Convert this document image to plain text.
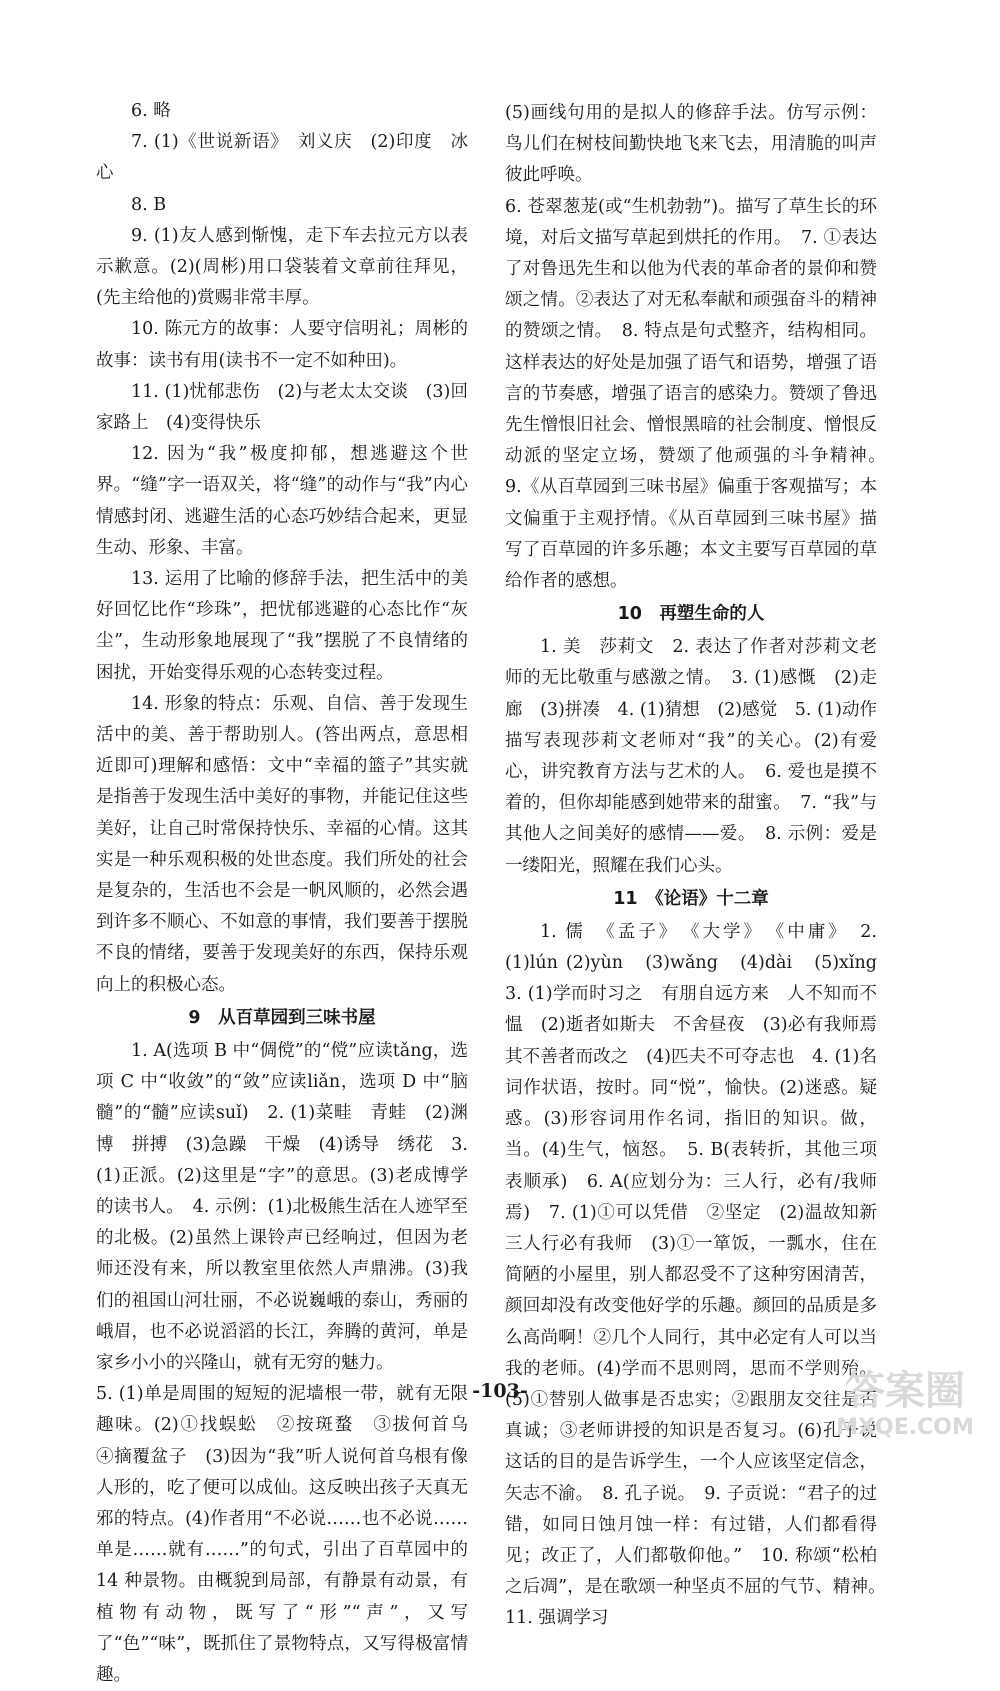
6. 略

7. (1)《世说新语》　刘义庆　(2)印度　冰心

8. B

9. (1)友人感到惭愧，走下车去拉元方以表示歉意。(2)(周彬)用口袋装着文章前往拜见，(先主给他的)赏赐非常丰厚。

10. 陈元方的故事：人要守信明礼；周彬的故事：读书有用(读书不一定不如种田)。

11. (1)忧郁悲伤　(2)与老太太交谈　(3)回家路上　(4)变得快乐

12. 因为“我”极度抑郁，想逃避这个世界。“缝”字一语双关，将“缝”的动作与“我”内心情感封闭、逃避生活的心态巧妙结合起来，更显生动、形象、丰富。

13. 运用了比喻的修辞手法，把生活中的美好回忆比作“珍珠”，把忧郁逃避的心态比作“灰尘”，生动形象地展现了“我”摆脱了不良情绪的困扰，开始变得乐观的心态转变过程。

14. 形象的特点：乐观、自信、善于发现生活中的美、善于帮助别人。(答出两点，意思相近即可)理解和感悟：文中“幸福的篮子”其实就是指善于发现生活中美好的事物，并能记住这些美好，让自己时常保持快乐、幸福的心情。这其实是一种乐观积极的处世态度。我们所处的社会是复杂的，生活也不会是一帆风顺的，必然会遇到许多不顺心、不如意的事情，我们要善于摆脱不良的情绪，要善于发现美好的东西，保持乐观向上的积极心态。

9　从百草园到三味书屋

1. A(选项 B 中“倜傥”的“傥”应读tǎng，选项 C 中“收敛”的“敛”应读liǎn，选项 D 中“脑髓”的“髓”应读suǐ)　2. (1)菜畦　青蛙　(2)渊博　拼搏　(3)急躁　干燥　(4)诱导　绣花　3. (1)正派。(2)这里是“字”的意思。(3)老成博学的读书人。　4. 示例：(1)北极熊生活在人迹罕至的北极。(2)虽然上课铃声已经响过，但因为老师还没有来，所以教室里依然人声鼎沸。(3)我们的祖国山河壮丽，不必说巍峨的泰山，秀丽的峨眉，也不必说滔滔的长江，奔腾的黄河，单是家乡小小的兴隆山，就有无穷的魅力。

5. (1)单是周围的短短的泥墙根一带，就有无限趣味。(2)①找蜈蚣　②按斑蝥　③拔何首乌　④摘覆盆子　(3)因为“我”听人说何首乌根有像人形的，吃了便可以成仙。这反映出孩子天真无邪的特点。(4)作者用“不必说……也不必说……单是……就有……”的句式，引出了百草园中的 14 种景物。由概貌到局部，有静景有动景，有植物有动物，既写了“形”“声”，又写了“色”“味”，既抓住了景物特点，又写得极富情趣。

(5)画线句用的是拟人的修辞手法。仿写示例：鸟儿们在树枝间勤快地飞来飞去，用清脆的叫声彼此呼唤。

6. 苍翠葱茏(或“生机勃勃”)。描写了草生长的环境，对后文描写草起到烘托的作用。　7. ①表达了对鲁迅先生和以他为代表的革命者的景仰和赞颂之情。②表达了对无私奉献和顽强奋斗的精神的赞颂之情。　8. 特点是句式整齐，结构相同。这样表达的好处是加强了语气和语势，增强了语言的节奏感，增强了语言的感染力。赞颂了鲁迅先生憎恨旧社会、憎恨黑暗的社会制度、憎恨反动派的坚定立场，赞颂了他顽强的斗争精神。　9.《从百草园到三味书屋》偏重于客观描写；本文偏重于主观抒情。《从百草园到三味书屋》描写了百草园的许多乐趣；本文主要写百草园的草给作者的感想。

10　再塑生命的人

1. 美　莎莉文　2. 表达了作者对莎莉文老师的无比敬重与感激之情。　3. (1)感慨　(2)走廊　(3)拼凑　4. (1)猜想　(2)感觉　5. (1)动作描写表现莎莉文老师对“我”的关心。(2)有爱心，讲究教育方法与艺术的人。　6. 爱也是摸不着的，但你却能感到她带来的甜蜜。　7. “我”与其他人之间美好的感情——爱。　8. 示例：爱是一缕阳光，照耀在我们心头。

11　《论语》十二章

1. 儒　《孟子》　《大学》　《中庸》　2. (1)lún (2)yùn　(3)wǎng　(4)dài　(5)xǐng　3. (1)学而时习之　有朋自远方来　人不知而不愠　(2)逝者如斯夫　不舍昼夜　(3)必有我师焉　其不善者而改之　(4)匹夫不可夺志也　4. (1)名词作状语，按时。同“悦”，愉快。(2)迷惑。疑惑。(3)形容词用作名词，指旧的知识。做，当。(4)生气，恼怒。　5. B(表转折，其他三项表顺承)　6. A(应划分为：三人行，必有/我师焉)　7. (1)①可以凭借　②坚定　(2)温故知新　三人行必有我师　(3)①一箪饭，一瓢水，住在简陋的小屋里，别人都忍受不了这种穷困清苦，颜回却没有改变他好学的乐趣。颜回的品质是多么高尚啊！②几个人同行，其中必定有人可以当我的老师。(4)学而不思则罔，思而不学则殆。(5)①替别人做事是否忠实；②跟朋友交往是否真诚；③老师讲授的知识是否复习。(6)孔子说这话的目的是告诉学生，一个人应该坚定信念，矢志不渝。　8. 孔子说。　9. 子贡说：“君子的过错，如同日蚀月蚀一样：有过错，人们都看得见；改正了，人们都敬仰他。”　10. 称颂“松柏之后凋”，是在歌颂一种坚贞不屈的气节、精神。　11. 强调学习

-103-	答案圈
MXQE.COM
